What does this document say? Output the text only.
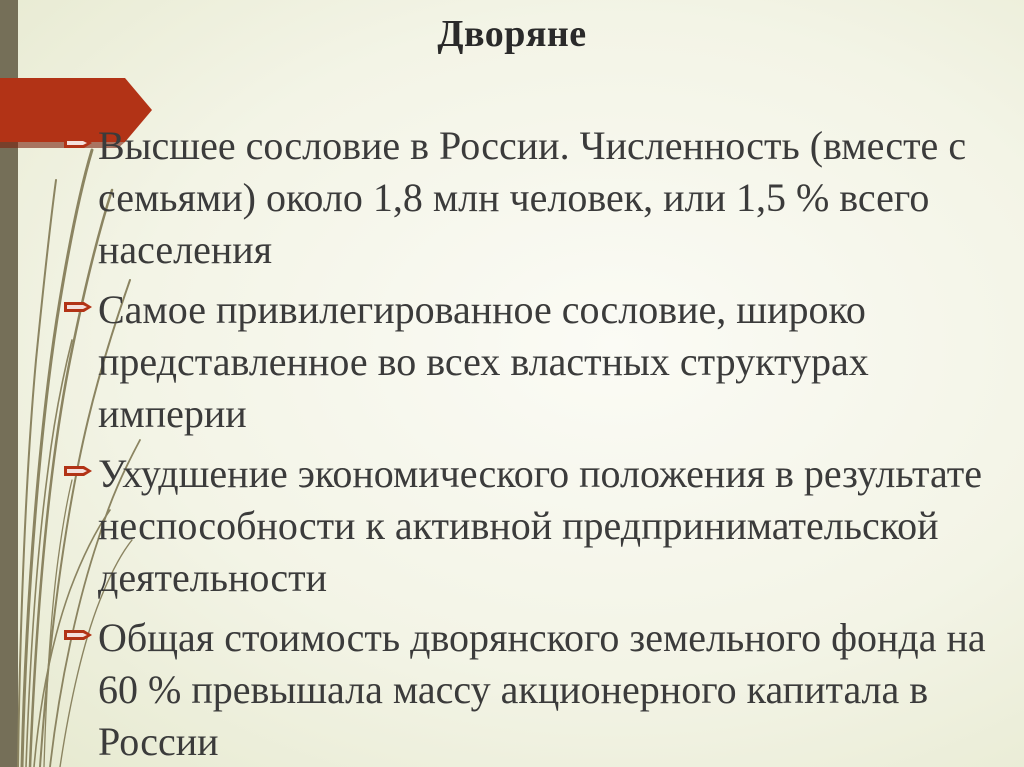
Дворяне
Высшее сословие в России. Численность (вместе с семьями) около 1,8 млн человек, или 1,5 % всего населения
Самое привилегированное сословие, широко представленное во всех властных структурах империи
Ухудшение экономического положения в результате неспособности к активной предпринимательской деятельности
Общая стоимость дворянского земельного фонда на 60 % превышала массу акционерного капитала в России
